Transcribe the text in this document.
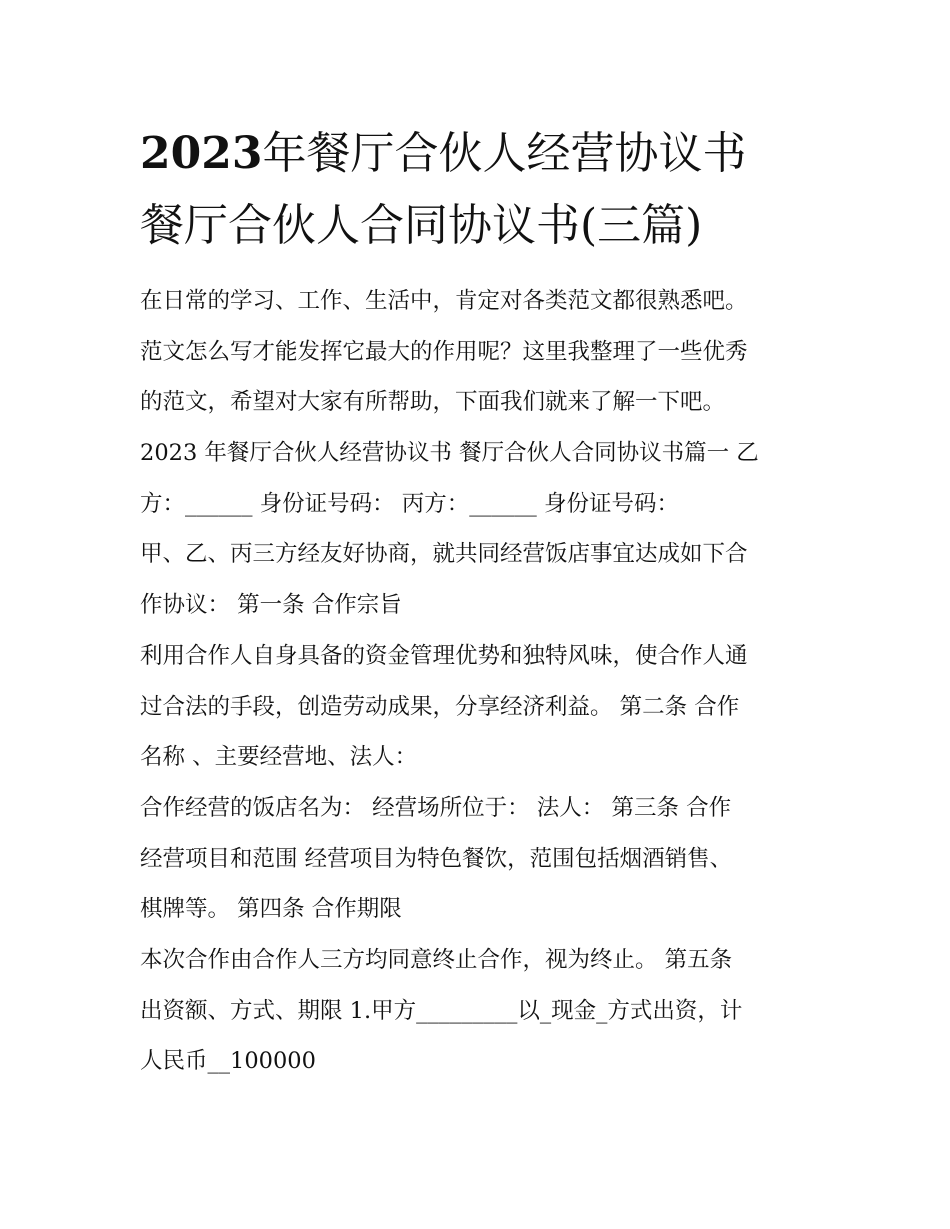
2023年餐厅合伙人经营协议书
餐厅合伙人合同协议书(三篇)
在日常的学习、工作、生活中，肯定对各类范文都很熟悉吧。
范文怎么写才能发挥它最大的作用呢？这里我整理了一些优秀
的范文，希望对大家有所帮助，下面我们就来了解一下吧。
2023 年餐厅合伙人经营协议书 餐厅合伙人合同协议书篇一 乙
方：______ 身份证号码： 丙方：______ 身份证号码：
甲、乙、丙三方经友好协商，就共同经营饭店事宜达成如下合
作协议： 第一条 合作宗旨
利用合作人自身具备的资金管理优势和独特风味，使合作人通
过合法的手段，创造劳动成果，分享经济利益。 第二条 合作
名称 、主要经营地、法人：
合作经营的饭店名为： 经营场所位于： 法人： 第三条 合作
经营项目和范围 经营项目为特色餐饮，范围包括烟酒销售、
棋牌等。 第四条 合作期限
本次合作由合作人三方均同意终止合作，视为终止。 第五条
出资额、方式、期限 1.甲方_________以_现金_方式出资，计
人民币__100000
